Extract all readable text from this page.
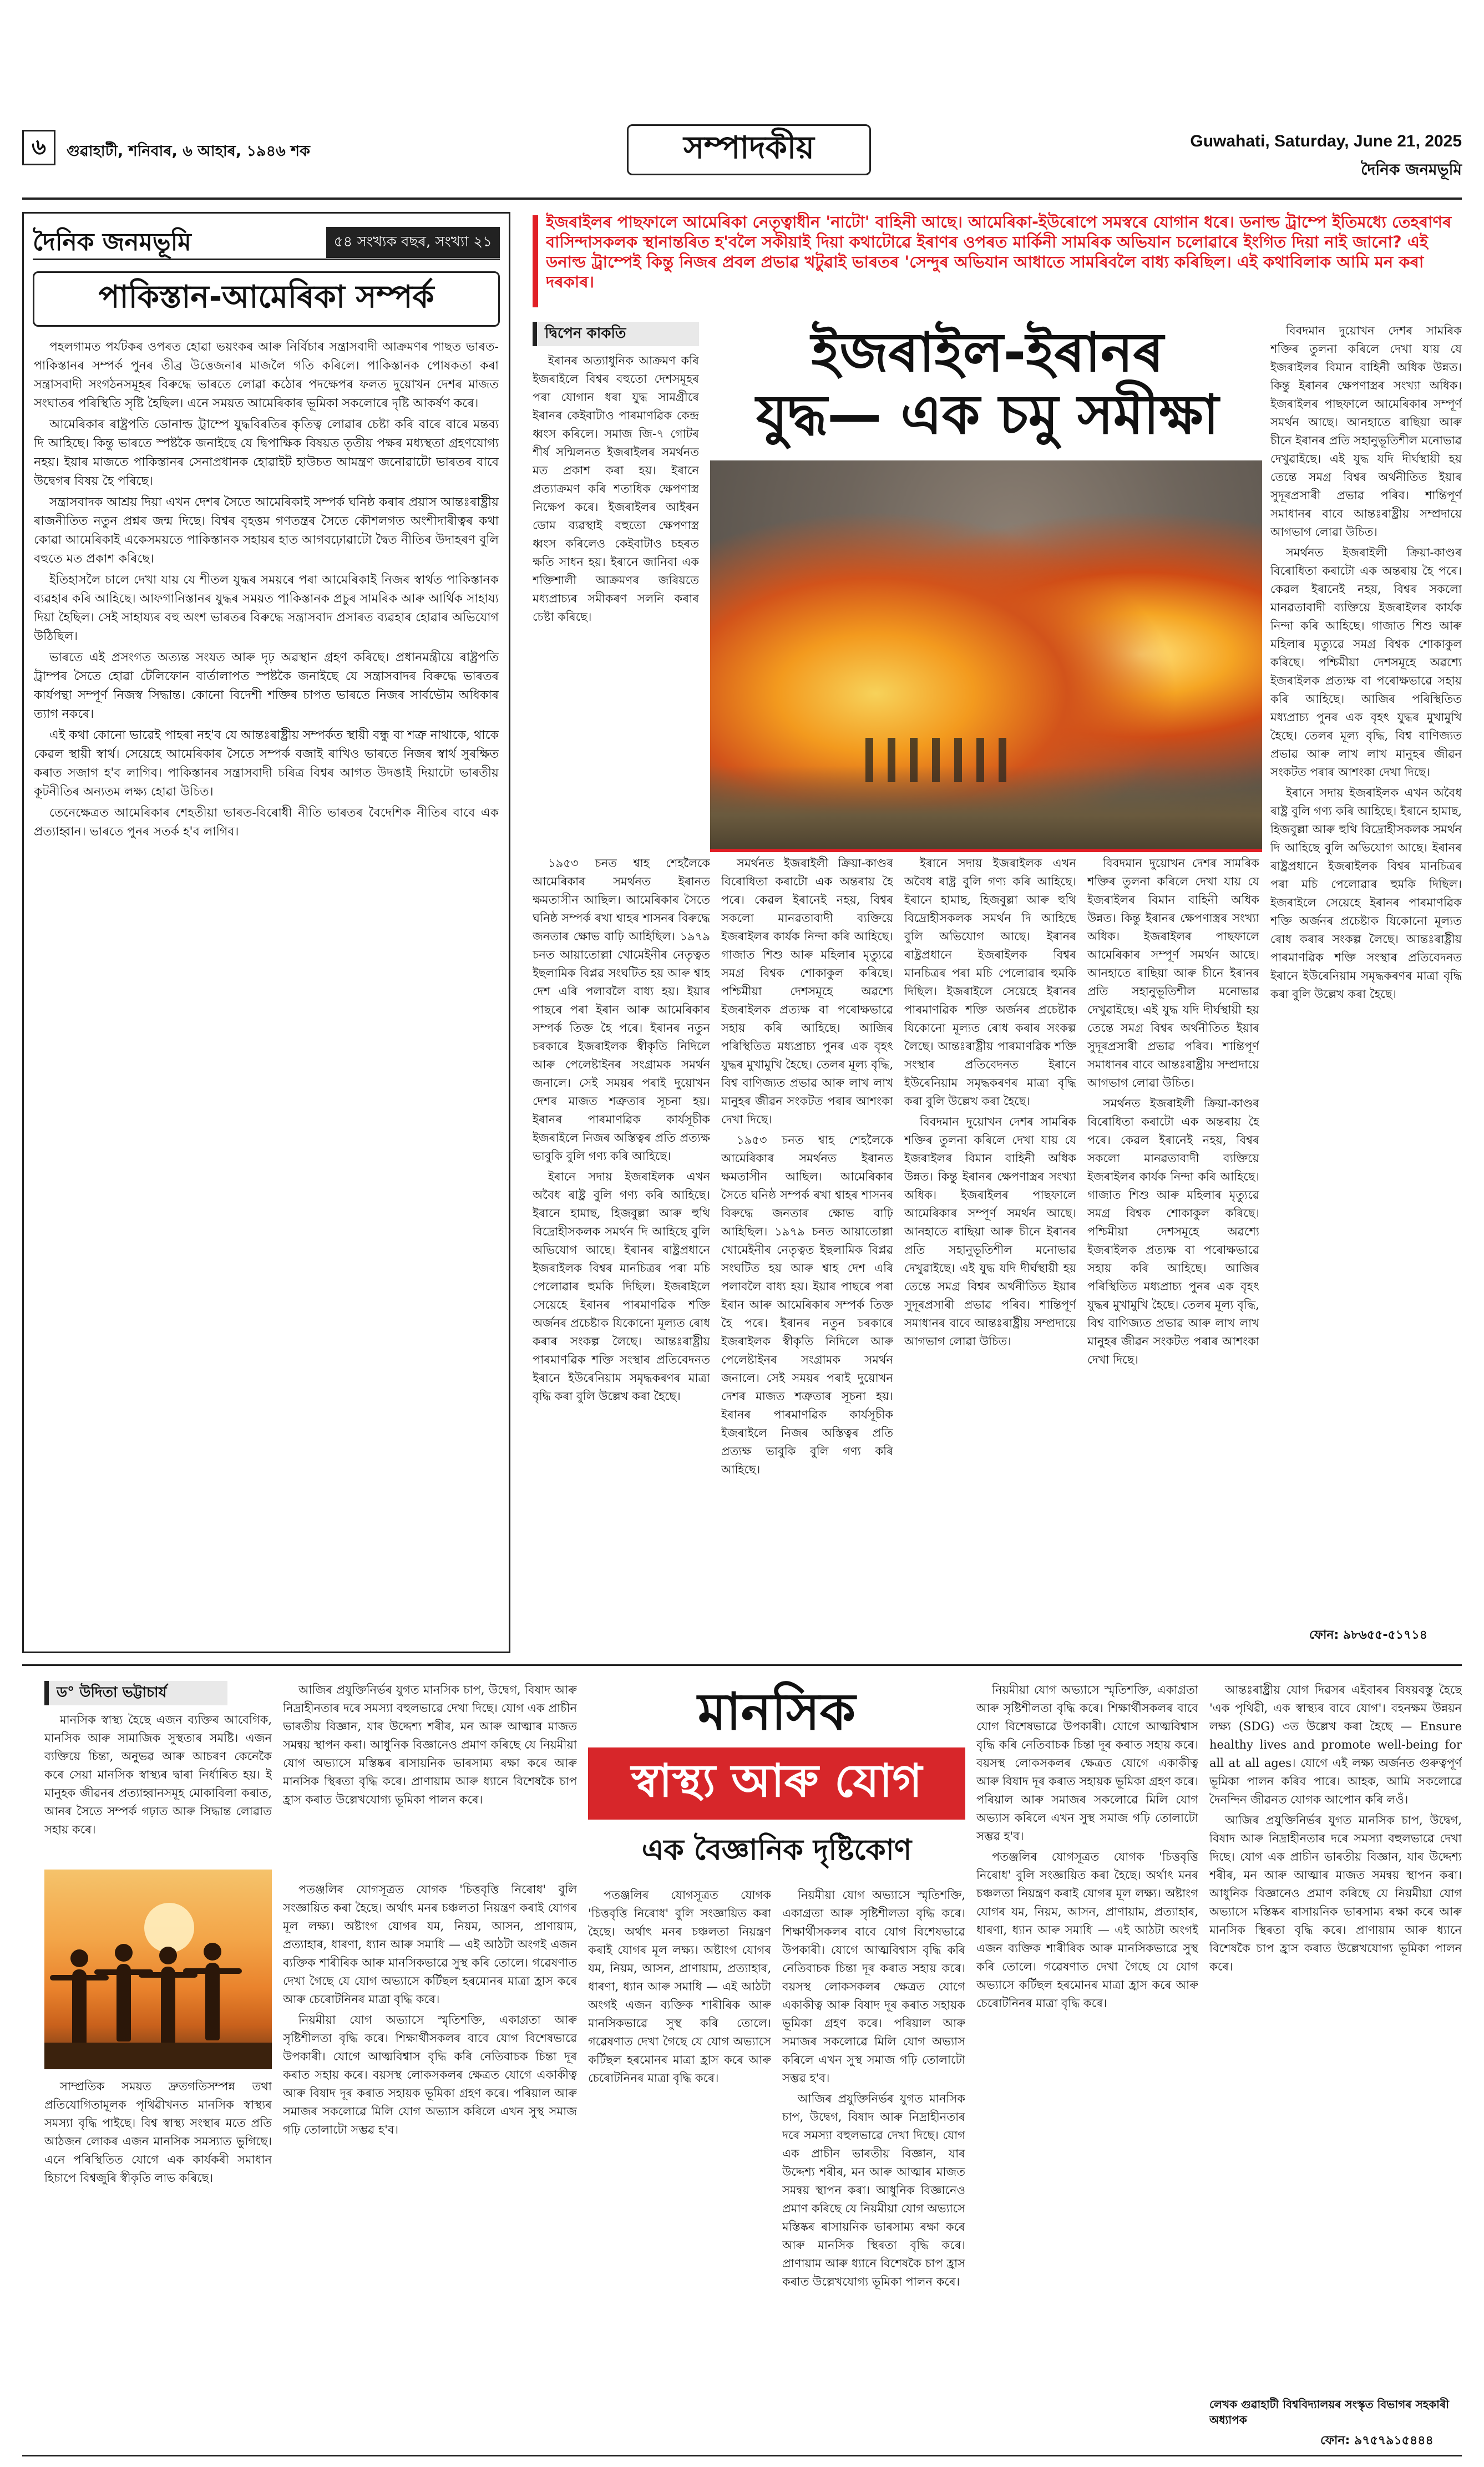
৬ গুৱাহাটী, শনিবাৰ, ৬ আহাৰ, ১৯৪৬ শক	সম্পাদকীয়	Guwahati, Saturday, June 21, 2025
দৈনিক জনমভূমি
দৈনিক জনমভূমি	৫৪ সংখ্যক বছৰ, সংখ্যা ২১
পাকিস্তান-আমেৰিকা সম্পৰ্ক

পহলগামত পৰ্যটকৰ ওপৰত হোৱা ভয়ংকৰ আৰু নিৰ্বিচাৰ সন্ত্ৰাসবাদী আক্ৰমণৰ পাছত ভাৰত-পাকিস্তানৰ সম্পৰ্ক পুনৰ তীব্ৰ উত্তেজনাৰ মাজলৈ গতি কৰিলে। পাকিস্তানক পোষকতা কৰা সন্ত্ৰাসবাদী সংগঠনসমূহৰ বিৰুদ্ধে ভাৰতে লোৱা কঠোৰ পদক্ষেপৰ ফলত দুয়োখন দেশৰ মাজত সংঘাতৰ পৰিস্থিতি সৃষ্টি হৈছিল। এনে সময়ত আমেৰিকাৰ ভূমিকা সকলোৰে দৃষ্টি আকৰ্ষণ কৰে।

আমেৰিকাৰ ৰাষ্ট্ৰপতি ডোনাল্ড ট্ৰাম্পে যুদ্ধবিৰতিৰ কৃতিত্ব লোৱাৰ চেষ্টা কৰি বাৰে বাৰে মন্তব্য দি আহিছে। কিন্তু ভাৰতে স্পষ্টকৈ জনাইছে যে দ্বিপাক্ষিক বিষয়ত তৃতীয় পক্ষৰ মধ্যস্থতা গ্ৰহণযোগ্য নহয়। ইয়াৰ মাজতে পাকিস্তানৰ সেনাপ্ৰধানক হোৱাইট হাউচত আমন্ত্ৰণ জনোৱাটো ভাৰতৰ বাবে উদ্বেগৰ বিষয় হৈ পৰিছে।

সন্ত্ৰাসবাদক আশ্ৰয় দিয়া এখন দেশৰ সৈতে আমেৰিকাই সম্পৰ্ক ঘনিষ্ঠ কৰাৰ প্ৰয়াস আন্তঃৰাষ্ট্ৰীয় ৰাজনীতিত নতুন প্ৰশ্নৰ জন্ম দিছে। বিশ্বৰ বৃহত্তম গণতন্ত্ৰৰ সৈতে কৌশলগত অংশীদাৰীত্বৰ কথা কোৱা আমেৰিকাই একেসময়তে পাকিস্তানক সহায়ৰ হাত আগবঢ়োৱাটো দ্বৈত নীতিৰ উদাহৰণ বুলি বহুতে মত প্ৰকাশ কৰিছে।

ইতিহাসলৈ চালে দেখা যায় যে শীতল যুদ্ধৰ সময়ৰে পৰা আমেৰিকাই নিজৰ স্বাৰ্থত পাকিস্তানক ব্যৱহাৰ কৰি আহিছে। আফগানিস্তানৰ যুদ্ধৰ সময়ত পাকিস্তানক প্ৰচুৰ সামৰিক আৰু আৰ্থিক সাহায্য দিয়া হৈছিল। সেই সাহায্যৰ বহু অংশ ভাৰতৰ বিৰুদ্ধে সন্ত্ৰাসবাদ প্ৰসাৰত ব্যৱহাৰ হোৱাৰ অভিযোগ উঠিছিল।

ভাৰতে এই প্ৰসংগত অত্যন্ত সংযত আৰু দৃঢ় অৱস্থান গ্ৰহণ কৰিছে। প্ৰধানমন্ত্ৰীয়ে ৰাষ্ট্ৰপতি ট্ৰাম্পৰ সৈতে হোৱা টেলিফোন বাৰ্তালাপত স্পষ্টকৈ জনাইছে যে সন্ত্ৰাসবাদৰ বিৰুদ্ধে ভাৰতৰ কাৰ্যপন্থা সম্পূৰ্ণ নিজস্ব সিদ্ধান্ত। কোনো বিদেশী শক্তিৰ চাপত ভাৰতে নিজৰ সাৰ্বভৌম অধিকাৰ ত্যাগ নকৰে।

এই কথা কোনো ভাৱেই পাহৰা নহ'ব যে আন্তঃৰাষ্ট্ৰীয় সম্পৰ্কত স্থায়ী বন্ধু বা শত্ৰু নাথাকে, থাকে কেৱল স্থায়ী স্বাৰ্থ। সেয়েহে আমেৰিকাৰ সৈতে সম্পৰ্ক বজাই ৰাখিও ভাৰতে নিজৰ স্বাৰ্থ সুৰক্ষিত কৰাত সজাগ হ'ব লাগিব। পাকিস্তানৰ সন্ত্ৰাসবাদী চৰিত্ৰ বিশ্বৰ আগত উদঙাই দিয়াটো ভাৰতীয় কূটনীতিৰ অন্যতম লক্ষ্য হোৱা উচিত।

তেনেক্ষেত্ৰত আমেৰিকাৰ শেহতীয়া ভাৰত-বিৰোধী নীতি ভাৰতৰ বৈদেশিক নীতিৰ বাবে এক প্ৰত্যাহ্বান। ভাৰতে পুনৰ সতৰ্ক হ'ব লাগিব।

ইজৰাইলৰ পাছফালে আমেৰিকা নেতৃত্বাধীন 'নাটো' বাহিনী আছে। আমেৰিকা-ইউৰোপে সমস্বৰে যোগান ধৰে। ডনাল্ড ট্ৰাম্পে ইতিমধ্যে তেহৰাণৰ বাসিন্দাসকলক স্থানান্তৰিত হ'বলৈ সকীয়াই দিয়া কথাটোৱে ইৰাণৰ ওপৰত মাৰ্কিনী সামৰিক অভিযান চলোৱাৰে ইংগিত দিয়া নাই জানো? এই ডনাল্ড ট্ৰাম্পেই কিন্তু নিজৰ প্ৰবল প্ৰভাৱ খটুৱাই ভাৰতৰ 'সেন্দুৰ অভিযান আধাতে সামৰিবলৈ বাধ্য কৰিছিল। এই কথাবিলাক আমি মন কৰা দৰকাৰ।
দ্বিপেন কাকতি	ইজৰাইল-ইৰানৰ
যুদ্ধ— এক চমু সমীক্ষা

ইৰানৰ অত্যাধুনিক আক্ৰমণ কৰি ইজৰাইলে বিশ্বৰ বহুতো দেশসমূহৰ পৰা যোগান ধৰা যুদ্ধ সামগ্ৰীৰে ইৰানৰ কেইবাটাও পাৰমাণৱিক কেন্দ্ৰ ধ্বংস কৰিলে। সমাজ জি-৭ গোটৰ শীৰ্ষ সন্মিলনত ইজৰাইলৰ সমৰ্থনত মত প্ৰকাশ কৰা হয়। ইৰানে প্ৰত্যাক্ৰমণ কৰি শতাধিক ক্ষেপণাস্ত্ৰ নিক্ষেপ কৰে। ইজৰাইলৰ আইৰন ডোম ব্যৱস্থাই বহুতো ক্ষেপণাস্ত্ৰ ধ্বংস কৰিলেও কেইবাটাও চহৰত ক্ষতি সাধন হয়। ইৰানে জানিবা এক শক্তিশালী আক্ৰমণৰ জৰিয়তে মধ্যপ্ৰাচ্যৰ সমীকৰণ সলনি কৰাৰ চেষ্টা কৰিছে।

বিবদমান দুয়োখন দেশৰ সামৰিক শক্তিৰ তুলনা কৰিলে দেখা যায় যে ইজৰাইলৰ বিমান বাহিনী অধিক উন্নত। কিন্তু ইৰানৰ ক্ষেপণাস্ত্ৰৰ সংখ্যা অধিক। ইজৰাইলৰ পাছফালে আমেৰিকাৰ সম্পূৰ্ণ সমৰ্থন আছে। আনহাতে ৰাছিয়া আৰু চীনে ইৰানৰ প্ৰতি সহানুভূতিশীল মনোভাৱ দেখুৱাইছে। এই যুদ্ধ যদি দীৰ্ঘস্থায়ী হয় তেন্তে সমগ্ৰ বিশ্বৰ অৰ্থনীতিত ইয়াৰ সুদূৰপ্ৰসাৰী প্ৰভাৱ পৰিব। শান্তিপূৰ্ণ সমাধানৰ বাবে আন্তঃৰাষ্ট্ৰীয় সম্প্ৰদায়ে আগভাগ লোৱা উচিত।

সমৰ্থনত ইজৰাইলী ক্ৰিয়া-কাণ্ডৰ বিৰোধিতা কৰাটো এক অন্তৰায় হৈ পৰে। কেৱল ইৰানেই নহয়, বিশ্বৰ সকলো মানৱতাবাদী ব্যক্তিয়ে ইজৰাইলৰ কাৰ্যক নিন্দা কৰি আহিছে। গাজাত শিশু আৰু মহিলাৰ মৃত্যুৱে সমগ্ৰ বিশ্বক শোকাকুল কৰিছে। পশ্চিমীয়া দেশসমূহে অৱশ্যে ইজৰাইলক প্ৰত্যক্ষ বা পৰোক্ষভাৱে সহায় কৰি আহিছে। আজিৰ পৰিস্থিতিত মধ্যপ্ৰাচ্য পুনৰ এক বৃহৎ যুদ্ধৰ মুখামুখি হৈছে। তেলৰ মূল্য বৃদ্ধি, বিশ্ব বাণিজ্যত প্ৰভাৱ আৰু লাখ লাখ মানুহৰ জীৱন সংকটত পৰাৰ আশংকা দেখা দিছে।

ইৰানে সদায় ইজৰাইলক এখন অবৈধ ৰাষ্ট্ৰ বুলি গণ্য কৰি আহিছে। ইৰানে হামাছ, হিজবুল্লা আৰু হুথি বিদ্ৰোহীসকলক সমৰ্থন দি আহিছে বুলি অভিযোগ আছে। ইৰানৰ ৰাষ্ট্ৰপ্ৰধানে ইজৰাইলক বিশ্বৰ মানচিত্ৰৰ পৰা মচি পেলোৱাৰ হুমকি দিছিল। ইজৰাইলে সেয়েহে ইৰানৰ পাৰমাণৱিক শক্তি অৰ্জনৰ প্ৰচেষ্টাক যিকোনো মূল্যত ৰোধ কৰাৰ সংকল্প লৈছে। আন্তঃৰাষ্ট্ৰীয় পাৰমাণৱিক শক্তি সংস্থাৰ প্ৰতিবেদনত ইৰানে ইউৰেনিয়াম সমৃদ্ধকৰণৰ মাত্ৰা বৃদ্ধি কৰা বুলি উল্লেখ কৰা হৈছে।

১৯৫৩ চনত শ্বাহ শেহলৈকে আমেৰিকাৰ সমৰ্থনত ইৰানত ক্ষমতাসীন আছিল। আমেৰিকাৰ সৈতে ঘনিষ্ঠ সম্পৰ্ক ৰখা শ্বাহৰ শাসনৰ বিৰুদ্ধে জনতাৰ ক্ষোভ বাঢ়ি আহিছিল। ১৯৭৯ চনত আয়াতোল্লা খোমেইনীৰ নেতৃত্বত ইছলামিক বিপ্লৱ সংঘটিত হয় আৰু শ্বাহ দেশ এৰি পলাবলৈ বাধ্য হয়। ইয়াৰ পাছৰে পৰা ইৰান আৰু আমেৰিকাৰ সম্পৰ্ক তিক্ত হৈ পৰে। ইৰানৰ নতুন চৰকাৰে ইজৰাইলক স্বীকৃতি নিদিলে আৰু পেলেষ্টাইনৰ সংগ্ৰামক সমৰ্থন জনালে। সেই সময়ৰ পৰাই দুয়োখন দেশৰ মাজত শত্ৰুতাৰ সূচনা হয়। ইৰানৰ পাৰমাণৱিক কাৰ্যসূচীক ইজৰাইলে নিজৰ অস্তিত্বৰ প্ৰতি প্ৰত্যক্ষ ভাবুকি বুলি গণ্য কৰি আহিছে।

ইৰানে সদায় ইজৰাইলক এখন অবৈধ ৰাষ্ট্ৰ বুলি গণ্য কৰি আহিছে। ইৰানে হামাছ, হিজবুল্লা আৰু হুথি বিদ্ৰোহীসকলক সমৰ্থন দি আহিছে বুলি অভিযোগ আছে। ইৰানৰ ৰাষ্ট্ৰপ্ৰধানে ইজৰাইলক বিশ্বৰ মানচিত্ৰৰ পৰা মচি পেলোৱাৰ হুমকি দিছিল। ইজৰাইলে সেয়েহে ইৰানৰ পাৰমাণৱিক শক্তি অৰ্জনৰ প্ৰচেষ্টাক যিকোনো মূল্যত ৰোধ কৰাৰ সংকল্প লৈছে। আন্তঃৰাষ্ট্ৰীয় পাৰমাণৱিক শক্তি সংস্থাৰ প্ৰতিবেদনত ইৰানে ইউৰেনিয়াম সমৃদ্ধকৰণৰ মাত্ৰা বৃদ্ধি কৰা বুলি উল্লেখ কৰা হৈছে।

সমৰ্থনত ইজৰাইলী ক্ৰিয়া-কাণ্ডৰ বিৰোধিতা কৰাটো এক অন্তৰায় হৈ পৰে। কেৱল ইৰানেই নহয়, বিশ্বৰ সকলো মানৱতাবাদী ব্যক্তিয়ে ইজৰাইলৰ কাৰ্যক নিন্দা কৰি আহিছে। গাজাত শিশু আৰু মহিলাৰ মৃত্যুৱে সমগ্ৰ বিশ্বক শোকাকুল কৰিছে। পশ্চিমীয়া দেশসমূহে অৱশ্যে ইজৰাইলক প্ৰত্যক্ষ বা পৰোক্ষভাৱে সহায় কৰি আহিছে। আজিৰ পৰিস্থিতিত মধ্যপ্ৰাচ্য পুনৰ এক বৃহৎ যুদ্ধৰ মুখামুখি হৈছে। তেলৰ মূল্য বৃদ্ধি, বিশ্ব বাণিজ্যত প্ৰভাৱ আৰু লাখ লাখ মানুহৰ জীৱন সংকটত পৰাৰ আশংকা দেখা দিছে।

১৯৫৩ চনত শ্বাহ শেহলৈকে আমেৰিকাৰ সমৰ্থনত ইৰানত ক্ষমতাসীন আছিল। আমেৰিকাৰ সৈতে ঘনিষ্ঠ সম্পৰ্ক ৰখা শ্বাহৰ শাসনৰ বিৰুদ্ধে জনতাৰ ক্ষোভ বাঢ়ি আহিছিল। ১৯৭৯ চনত আয়াতোল্লা খোমেইনীৰ নেতৃত্বত ইছলামিক বিপ্লৱ সংঘটিত হয় আৰু শ্বাহ দেশ এৰি পলাবলৈ বাধ্য হয়। ইয়াৰ পাছৰে পৰা ইৰান আৰু আমেৰিকাৰ সম্পৰ্ক তিক্ত হৈ পৰে। ইৰানৰ নতুন চৰকাৰে ইজৰাইলক স্বীকৃতি নিদিলে আৰু পেলেষ্টাইনৰ সংগ্ৰামক সমৰ্থন জনালে। সেই সময়ৰ পৰাই দুয়োখন দেশৰ মাজত শত্ৰুতাৰ সূচনা হয়। ইৰানৰ পাৰমাণৱিক কাৰ্যসূচীক ইজৰাইলে নিজৰ অস্তিত্বৰ প্ৰতি প্ৰত্যক্ষ ভাবুকি বুলি গণ্য কৰি আহিছে।

ইৰানে সদায় ইজৰাইলক এখন অবৈধ ৰাষ্ট্ৰ বুলি গণ্য কৰি আহিছে। ইৰানে হামাছ, হিজবুল্লা আৰু হুথি বিদ্ৰোহীসকলক সমৰ্থন দি আহিছে বুলি অভিযোগ আছে। ইৰানৰ ৰাষ্ট্ৰপ্ৰধানে ইজৰাইলক বিশ্বৰ মানচিত্ৰৰ পৰা মচি পেলোৱাৰ হুমকি দিছিল। ইজৰাইলে সেয়েহে ইৰানৰ পাৰমাণৱিক শক্তি অৰ্জনৰ প্ৰচেষ্টাক যিকোনো মূল্যত ৰোধ কৰাৰ সংকল্প লৈছে। আন্তঃৰাষ্ট্ৰীয় পাৰমাণৱিক শক্তি সংস্থাৰ প্ৰতিবেদনত ইৰানে ইউৰেনিয়াম সমৃদ্ধকৰণৰ মাত্ৰা বৃদ্ধি কৰা বুলি উল্লেখ কৰা হৈছে।

বিবদমান দুয়োখন দেশৰ সামৰিক শক্তিৰ তুলনা কৰিলে দেখা যায় যে ইজৰাইলৰ বিমান বাহিনী অধিক উন্নত। কিন্তু ইৰানৰ ক্ষেপণাস্ত্ৰৰ সংখ্যা অধিক। ইজৰাইলৰ পাছফালে আমেৰিকাৰ সম্পূৰ্ণ সমৰ্থন আছে। আনহাতে ৰাছিয়া আৰু চীনে ইৰানৰ প্ৰতি সহানুভূতিশীল মনোভাৱ দেখুৱাইছে। এই যুদ্ধ যদি দীৰ্ঘস্থায়ী হয় তেন্তে সমগ্ৰ বিশ্বৰ অৰ্থনীতিত ইয়াৰ সুদূৰপ্ৰসাৰী প্ৰভাৱ পৰিব। শান্তিপূৰ্ণ সমাধানৰ বাবে আন্তঃৰাষ্ট্ৰীয় সম্প্ৰদায়ে আগভাগ লোৱা উচিত।

বিবদমান দুয়োখন দেশৰ সামৰিক শক্তিৰ তুলনা কৰিলে দেখা যায় যে ইজৰাইলৰ বিমান বাহিনী অধিক উন্নত। কিন্তু ইৰানৰ ক্ষেপণাস্ত্ৰৰ সংখ্যা অধিক। ইজৰাইলৰ পাছফালে আমেৰিকাৰ সম্পূৰ্ণ সমৰ্থন আছে। আনহাতে ৰাছিয়া আৰু চীনে ইৰানৰ প্ৰতি সহানুভূতিশীল মনোভাৱ দেখুৱাইছে। এই যুদ্ধ যদি দীৰ্ঘস্থায়ী হয় তেন্তে সমগ্ৰ বিশ্বৰ অৰ্থনীতিত ইয়াৰ সুদূৰপ্ৰসাৰী প্ৰভাৱ পৰিব। শান্তিপূৰ্ণ সমাধানৰ বাবে আন্তঃৰাষ্ট্ৰীয় সম্প্ৰদায়ে আগভাগ লোৱা উচিত।

সমৰ্থনত ইজৰাইলী ক্ৰিয়া-কাণ্ডৰ বিৰোধিতা কৰাটো এক অন্তৰায় হৈ পৰে। কেৱল ইৰানেই নহয়, বিশ্বৰ সকলো মানৱতাবাদী ব্যক্তিয়ে ইজৰাইলৰ কাৰ্যক নিন্দা কৰি আহিছে। গাজাত শিশু আৰু মহিলাৰ মৃত্যুৱে সমগ্ৰ বিশ্বক শোকাকুল কৰিছে। পশ্চিমীয়া দেশসমূহে অৱশ্যে ইজৰাইলক প্ৰত্যক্ষ বা পৰোক্ষভাৱে সহায় কৰি আহিছে। আজিৰ পৰিস্থিতিত মধ্যপ্ৰাচ্য পুনৰ এক বৃহৎ যুদ্ধৰ মুখামুখি হৈছে। তেলৰ মূল্য বৃদ্ধি, বিশ্ব বাণিজ্যত প্ৰভাৱ আৰু লাখ লাখ মানুহৰ জীৱন সংকটত পৰাৰ আশংকা দেখা দিছে।

ফোন: ৯৮৬৫৫-৫১৭১৪
ড° উদিতা ভট্টাচাৰ্য

মানসিক স্বাস্থ্য হৈছে এজন ব্যক্তিৰ আবেগিক, মানসিক আৰু সামাজিক সুস্থতাৰ সমষ্টি। এজন ব্যক্তিয়ে চিন্তা, অনুভৱ আৰু আচৰণ কেনেকৈ কৰে সেয়া মানসিক স্বাস্থ্যৰ দ্বাৰা নিৰ্ধাৰিত হয়। ই মানুহক জীৱনৰ প্ৰত্যাহ্বানসমূহ মোকাবিলা কৰাত, আনৰ সৈতে সম্পৰ্ক গঢ়াত আৰু সিদ্ধান্ত লোৱাত সহায় কৰে।

সাম্প্ৰতিক সময়ত দ্ৰুতগতিসম্পন্ন তথা প্ৰতিযোগিতামূলক পৃথিৱীখনত মানসিক স্বাস্থ্যৰ সমস্যা বৃদ্ধি পাইছে। বিশ্ব স্বাস্থ্য সংস্থাৰ মতে প্ৰতি আঠজন লোকৰ এজন মানসিক সমস্যাত ভুগিছে। এনে পৰিস্থিতিত যোগে এক কাৰ্যকৰী সমাধান হিচাপে বিশ্বজুৰি স্বীকৃতি লাভ কৰিছে।

আজিৰ প্ৰযুক্তিনিৰ্ভৰ যুগত মানসিক চাপ, উদ্বেগ, বিষাদ আৰু নিদ্ৰাহীনতাৰ দৰে সমস্যা বহুলভাৱে দেখা দিছে। যোগ এক প্ৰাচীন ভাৰতীয় বিজ্ঞান, যাৰ উদ্দেশ্য শৰীৰ, মন আৰু আত্মাৰ মাজত সমন্বয় স্থাপন কৰা। আধুনিক বিজ্ঞানেও প্ৰমাণ কৰিছে যে নিয়মীয়া যোগ অভ্যাসে মস্তিষ্কৰ ৰাসায়নিক ভাৰসাম্য ৰক্ষা কৰে আৰু মানসিক স্থিৰতা বৃদ্ধি কৰে। প্ৰাণায়াম আৰু ধ্যানে বিশেষকৈ চাপ হ্ৰাস কৰাত উল্লেখযোগ্য ভূমিকা পালন কৰে।

মানসিক
স্বাস্থ্য আৰু যোগ
এক বৈজ্ঞানিক দৃষ্টিকোণ

পতঞ্জলিৰ যোগসূত্ৰত যোগক 'চিত্তবৃত্তি নিৰোধ' বুলি সংজ্ঞায়িত কৰা হৈছে। অৰ্থাৎ মনৰ চঞ্চলতা নিয়ন্ত্ৰণ কৰাই যোগৰ মূল লক্ষ্য। অষ্টাংগ যোগৰ যম, নিয়ম, আসন, প্ৰাণায়াম, প্ৰত্যাহাৰ, ধাৰণা, ধ্যান আৰু সমাধি — এই আঠটা অংগই এজন ব্যক্তিক শাৰীৰিক আৰু মানসিকভাৱে সুস্থ কৰি তোলে। গৱেষণাত দেখা গৈছে যে যোগ অভ্যাসে কৰ্টিছল হৰমোনৰ মাত্ৰা হ্ৰাস কৰে আৰু চেৰোটনিনৰ মাত্ৰা বৃদ্ধি কৰে।

নিয়মীয়া যোগ অভ্যাসে স্মৃতিশক্তি, একাগ্ৰতা আৰু সৃষ্টিশীলতা বৃদ্ধি কৰে। শিক্ষাৰ্থীসকলৰ বাবে যোগ বিশেষভাৱে উপকাৰী। যোগে আত্মবিশ্বাস বৃদ্ধি কৰি নেতিবাচক চিন্তা দূৰ কৰাত সহায় কৰে। বয়সস্থ লোকসকলৰ ক্ষেত্ৰত যোগে একাকীত্ব আৰু বিষাদ দূৰ কৰাত সহায়ক ভূমিকা গ্ৰহণ কৰে। পৰিয়াল আৰু সমাজৰ সকলোৱে মিলি যোগ অভ্যাস কৰিলে এখন সুস্থ সমাজ গঢ়ি তোলাটো সম্ভৱ হ'ব।

পতঞ্জলিৰ যোগসূত্ৰত যোগক 'চিত্তবৃত্তি নিৰোধ' বুলি সংজ্ঞায়িত কৰা হৈছে। অৰ্থাৎ মনৰ চঞ্চলতা নিয়ন্ত্ৰণ কৰাই যোগৰ মূল লক্ষ্য। অষ্টাংগ যোগৰ যম, নিয়ম, আসন, প্ৰাণায়াম, প্ৰত্যাহাৰ, ধাৰণা, ধ্যান আৰু সমাধি — এই আঠটা অংগই এজন ব্যক্তিক শাৰীৰিক আৰু মানসিকভাৱে সুস্থ কৰি তোলে। গৱেষণাত দেখা গৈছে যে যোগ অভ্যাসে কৰ্টিছল হৰমোনৰ মাত্ৰা হ্ৰাস কৰে আৰু চেৰোটনিনৰ মাত্ৰা বৃদ্ধি কৰে।

নিয়মীয়া যোগ অভ্যাসে স্মৃতিশক্তি, একাগ্ৰতা আৰু সৃষ্টিশীলতা বৃদ্ধি কৰে। শিক্ষাৰ্থীসকলৰ বাবে যোগ বিশেষভাৱে উপকাৰী। যোগে আত্মবিশ্বাস বৃদ্ধি কৰি নেতিবাচক চিন্তা দূৰ কৰাত সহায় কৰে। বয়সস্থ লোকসকলৰ ক্ষেত্ৰত যোগে একাকীত্ব আৰু বিষাদ দূৰ কৰাত সহায়ক ভূমিকা গ্ৰহণ কৰে। পৰিয়াল আৰু সমাজৰ সকলোৱে মিলি যোগ অভ্যাস কৰিলে এখন সুস্থ সমাজ গঢ়ি তোলাটো সম্ভৱ হ'ব।

আজিৰ প্ৰযুক্তিনিৰ্ভৰ যুগত মানসিক চাপ, উদ্বেগ, বিষাদ আৰু নিদ্ৰাহীনতাৰ দৰে সমস্যা বহুলভাৱে দেখা দিছে। যোগ এক প্ৰাচীন ভাৰতীয় বিজ্ঞান, যাৰ উদ্দেশ্য শৰীৰ, মন আৰু আত্মাৰ মাজত সমন্বয় স্থাপন কৰা। আধুনিক বিজ্ঞানেও প্ৰমাণ কৰিছে যে নিয়মীয়া যোগ অভ্যাসে মস্তিষ্কৰ ৰাসায়নিক ভাৰসাম্য ৰক্ষা কৰে আৰু মানসিক স্থিৰতা বৃদ্ধি কৰে। প্ৰাণায়াম আৰু ধ্যানে বিশেষকৈ চাপ হ্ৰাস কৰাত উল্লেখযোগ্য ভূমিকা পালন কৰে।

নিয়মীয়া যোগ অভ্যাসে স্মৃতিশক্তি, একাগ্ৰতা আৰু সৃষ্টিশীলতা বৃদ্ধি কৰে। শিক্ষাৰ্থীসকলৰ বাবে যোগ বিশেষভাৱে উপকাৰী। যোগে আত্মবিশ্বাস বৃদ্ধি কৰি নেতিবাচক চিন্তা দূৰ কৰাত সহায় কৰে। বয়সস্থ লোকসকলৰ ক্ষেত্ৰত যোগে একাকীত্ব আৰু বিষাদ দূৰ কৰাত সহায়ক ভূমিকা গ্ৰহণ কৰে। পৰিয়াল আৰু সমাজৰ সকলোৱে মিলি যোগ অভ্যাস কৰিলে এখন সুস্থ সমাজ গঢ়ি তোলাটো সম্ভৱ হ'ব।

পতঞ্জলিৰ যোগসূত্ৰত যোগক 'চিত্তবৃত্তি নিৰোধ' বুলি সংজ্ঞায়িত কৰা হৈছে। অৰ্থাৎ মনৰ চঞ্চলতা নিয়ন্ত্ৰণ কৰাই যোগৰ মূল লক্ষ্য। অষ্টাংগ যোগৰ যম, নিয়ম, আসন, প্ৰাণায়াম, প্ৰত্যাহাৰ, ধাৰণা, ধ্যান আৰু সমাধি — এই আঠটা অংগই এজন ব্যক্তিক শাৰীৰিক আৰু মানসিকভাৱে সুস্থ কৰি তোলে। গৱেষণাত দেখা গৈছে যে যোগ অভ্যাসে কৰ্টিছল হৰমোনৰ মাত্ৰা হ্ৰাস কৰে আৰু চেৰোটনিনৰ মাত্ৰা বৃদ্ধি কৰে।

আন্তঃৰাষ্ট্ৰীয় যোগ দিৱসৰ এইবাৰৰ বিষয়বস্তু হৈছে 'এক পৃথিৱী, এক স্বাস্থ্যৰ বাবে যোগ'। বহনক্ষম উন্নয়ন লক্ষ্য (SDG) ৩ত উল্লেখ কৰা হৈছে — Ensure healthy lives and promote well-being for all at all ages। যোগে এই লক্ষ্য অৰ্জনত গুৰুত্বপূৰ্ণ ভূমিকা পালন কৰিব পাৰে। আহক, আমি সকলোৱে দৈনন্দিন জীৱনত যোগক আপোন কৰি লওঁ।

আজিৰ প্ৰযুক্তিনিৰ্ভৰ যুগত মানসিক চাপ, উদ্বেগ, বিষাদ আৰু নিদ্ৰাহীনতাৰ দৰে সমস্যা বহুলভাৱে দেখা দিছে। যোগ এক প্ৰাচীন ভাৰতীয় বিজ্ঞান, যাৰ উদ্দেশ্য শৰীৰ, মন আৰু আত্মাৰ মাজত সমন্বয় স্থাপন কৰা। আধুনিক বিজ্ঞানেও প্ৰমাণ কৰিছে যে নিয়মীয়া যোগ অভ্যাসে মস্তিষ্কৰ ৰাসায়নিক ভাৰসাম্য ৰক্ষা কৰে আৰু মানসিক স্থিৰতা বৃদ্ধি কৰে। প্ৰাণায়াম আৰু ধ্যানে বিশেষকৈ চাপ হ্ৰাস কৰাত উল্লেখযোগ্য ভূমিকা পালন কৰে।

লেখক গুৱাহাটী বিশ্ববিদ্যালয়ৰ সংস্কৃত বিভাগৰ সহকাৰী অধ্যাপক
ফোন: ৯৭৫৭৯১৫৪৪৪
